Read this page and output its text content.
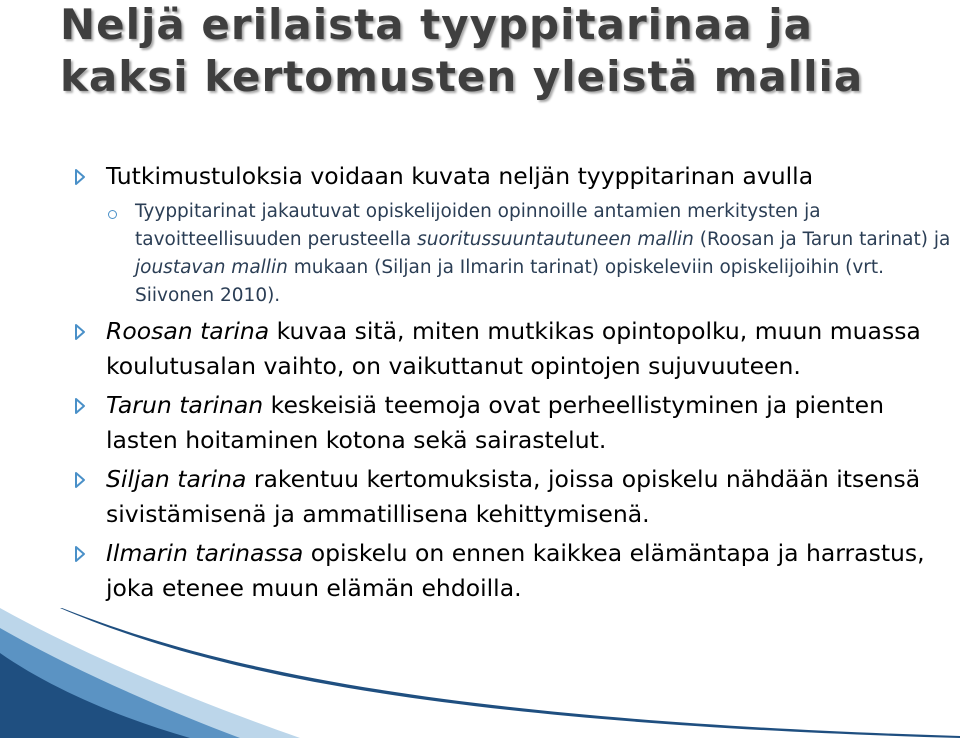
Neljä erilaista tyyppitarinaa ja
kaksi kertomusten yleistä mallia
Tutkimustuloksia voidaan kuvata neljän tyyppitarinan avulla
Tyyppitarinat jakautuvat opiskelijoiden opinnoille antamien merkitysten ja tavoitteellisuuden perusteella suoritussuuntautuneen mallin (Roosan ja Tarun tarinat) ja joustavan mallin mukaan (Siljan ja Ilmarin tarinat) opiskeleviin opiskelijoihin (vrt. Siivonen 2010).
Roosan tarina kuvaa sitä, miten mutkikas opintopolku, muun muassa koulutusalan vaihto, on vaikuttanut opintojen sujuvuuteen.
Tarun tarinan keskeisiä teemoja ovat perheellistyminen ja pienten lasten hoitaminen kotona sekä sairastelut.
Siljan tarina rakentuu kertomuksista, joissa opiskelu nähdään itsensä sivistämisenä ja ammatillisena kehittymisenä.
Ilmarin tarinassa opiskelu on ennen kaikkea elämäntapa ja harrastus, joka etenee muun elämän ehdoilla.
